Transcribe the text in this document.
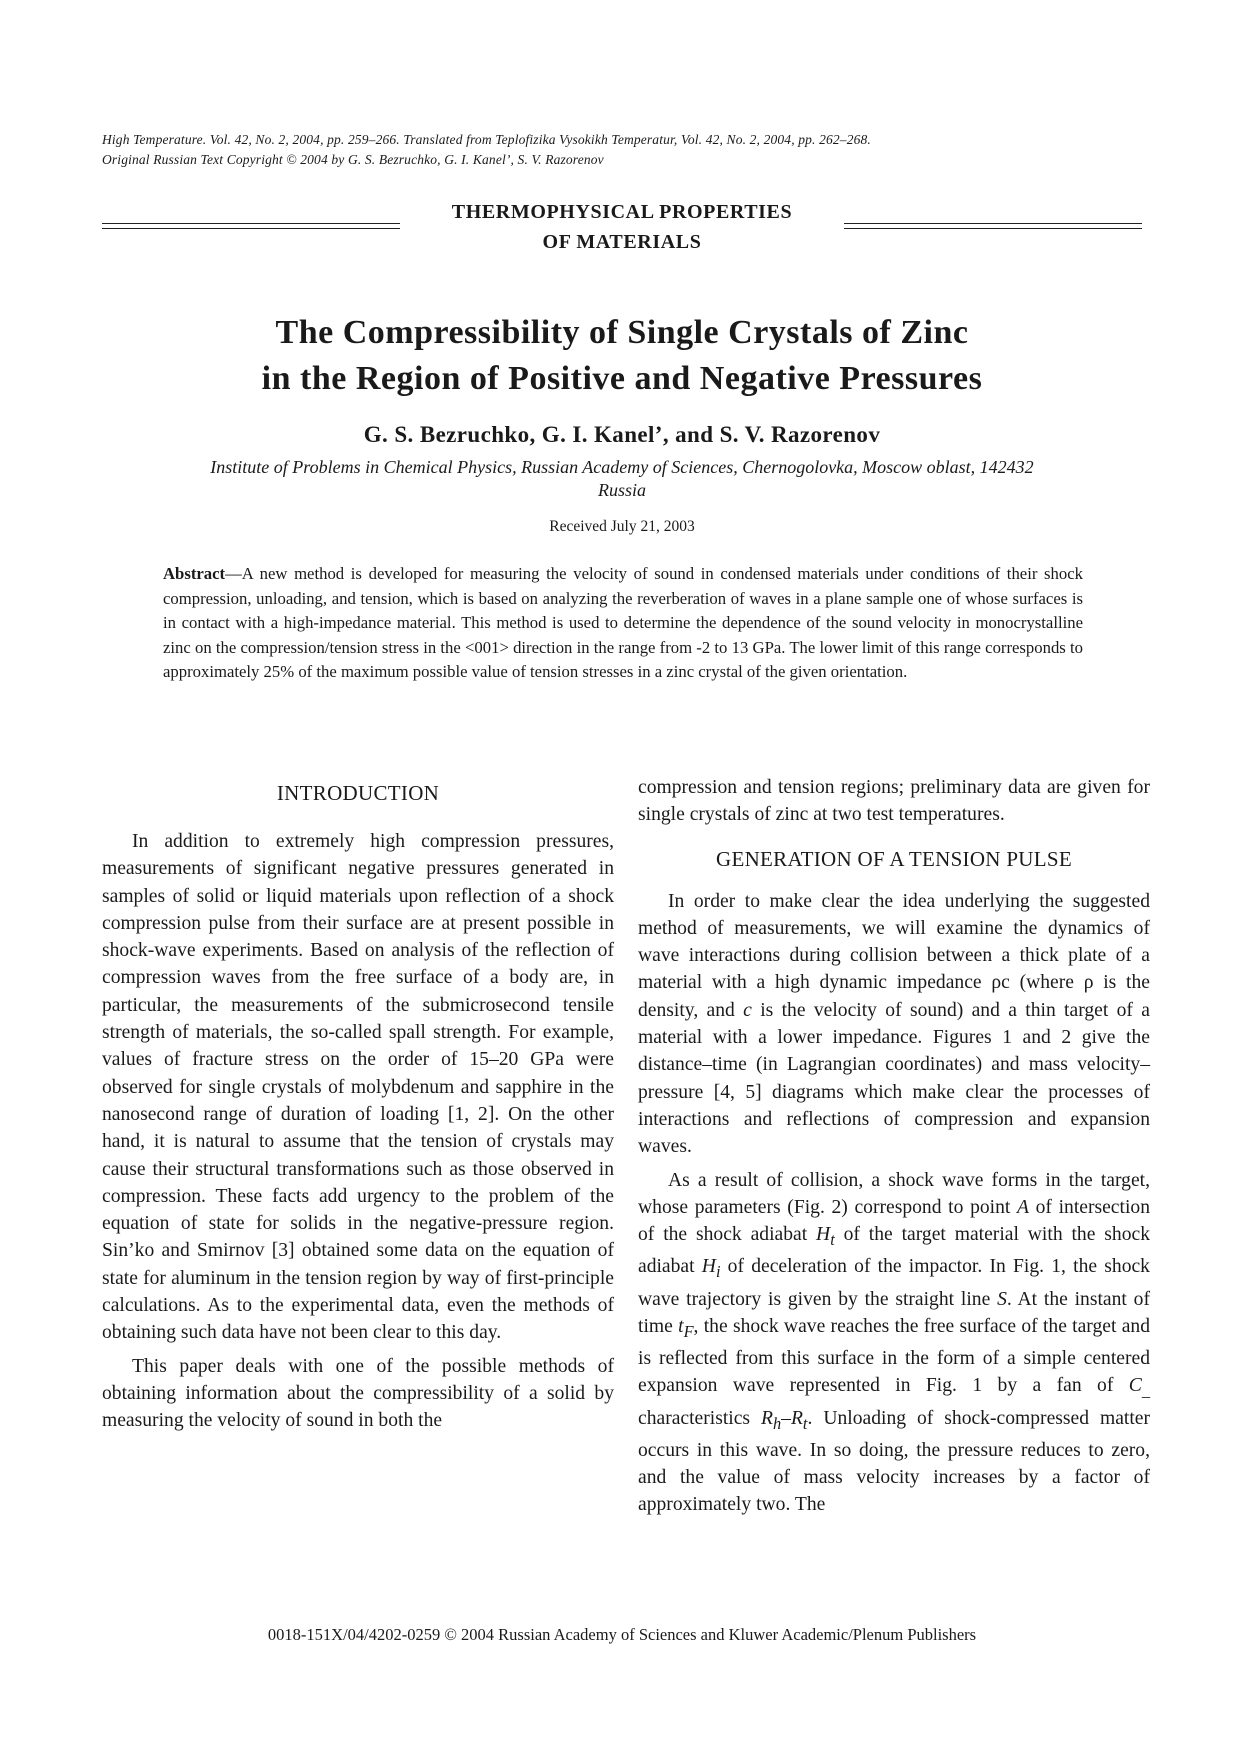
High Temperature. Vol. 42, No. 2, 2004, pp. 259–266. Translated from Teplofizika Vysokikh Temperatur, Vol. 42, No. 2, 2004, pp. 262–268.
Original Russian Text Copyright © 2004 by G. S. Bezruchko, G. I. Kanel’, S. V. Razorenov
THERMOPHYSICAL PROPERTIES
OF MATERIALS
The Compressibility of Single Crystals of Zinc
in the Region of Positive and Negative Pressures
G. S. Bezruchko, G. I. Kanel’, and S. V. Razorenov
Institute of Problems in Chemical Physics, Russian Academy of Sciences, Chernogolovka, Moscow oblast, 142432
Russia
Received July 21, 2003
Abstract—A new method is developed for measuring the velocity of sound in condensed materials under conditions of their shock compression, unloading, and tension, which is based on analyzing the reverberation of waves in a plane sample one of whose surfaces is in contact with a high-impedance material. This method is used to determine the dependence of the sound velocity in monocrystalline zinc on the compression/tension stress in the <001> direction in the range from -2 to 13 GPa. The lower limit of this range corresponds to approximately 25% of the maximum possible value of tension stresses in a zinc crystal of the given orientation.
INTRODUCTION

In addition to extremely high compression pressures, measurements of significant negative pressures generated in samples of solid or liquid materials upon reflection of a shock compression pulse from their surface are at present possible in shock-wave experiments. Based on analysis of the reflection of compression waves from the free surface of a body are, in particular, the measurements of the submicrosecond tensile strength of materials, the so-called spall strength. For example, values of fracture stress on the order of 15–20 GPa were observed for single crystals of molybdenum and sapphire in the nanosecond range of duration of loading [1, 2]. On the other hand, it is natural to assume that the tension of crystals may cause their structural transformations such as those observed in compression. These facts add urgency to the problem of the equation of state for solids in the negative-pressure region. Sin’ko and Smirnov [3] obtained some data on the equation of state for aluminum in the tension region by way of first-principle calculations. As to the experimental data, even the methods of obtaining such data have not been clear to this day.

This paper deals with one of the possible methods of obtaining information about the compressibility of a solid by measuring the velocity of sound in both the

compression and tension regions; preliminary data are given for single crystals of zinc at two test temperatures.

GENERATION OF A TENSION PULSE

In order to make clear the idea underlying the suggested method of measurements, we will examine the dynamics of wave interactions during collision between a thick plate of a material with a high dynamic impedance ρc (where ρ is the density, and c is the velocity of sound) and a thin target of a material with a lower impedance. Figures 1 and 2 give the distance–time (in Lagrangian coordinates) and mass velocity–pressure [4, 5] diagrams which make clear the processes of interactions and reflections of compression and expansion waves.

As a result of collision, a shock wave forms in the target, whose parameters (Fig. 2) correspond to point A of intersection of the shock adiabat $H_t$ of the target material with the shock adiabat $H_i$ of deceleration of the impactor. In Fig. 1, the shock wave trajectory is given by the straight line S. At the instant of time $t_F$, the shock wave reaches the free surface of the target and is reflected from this surface in the form of a simple centered expansion wave represented in Fig. 1 by a fan of $C_{\_}$ characteristics $R_h-R_t$. Unloading of shock-compressed matter occurs in this wave. In so doing, the pressure reduces to zero, and the value of mass velocity increases by a factor of approximately two. The

0018-151X/04/4202-0259 © 2004 Russian Academy of Sciences and Kluwer Academic/Plenum Publishers
